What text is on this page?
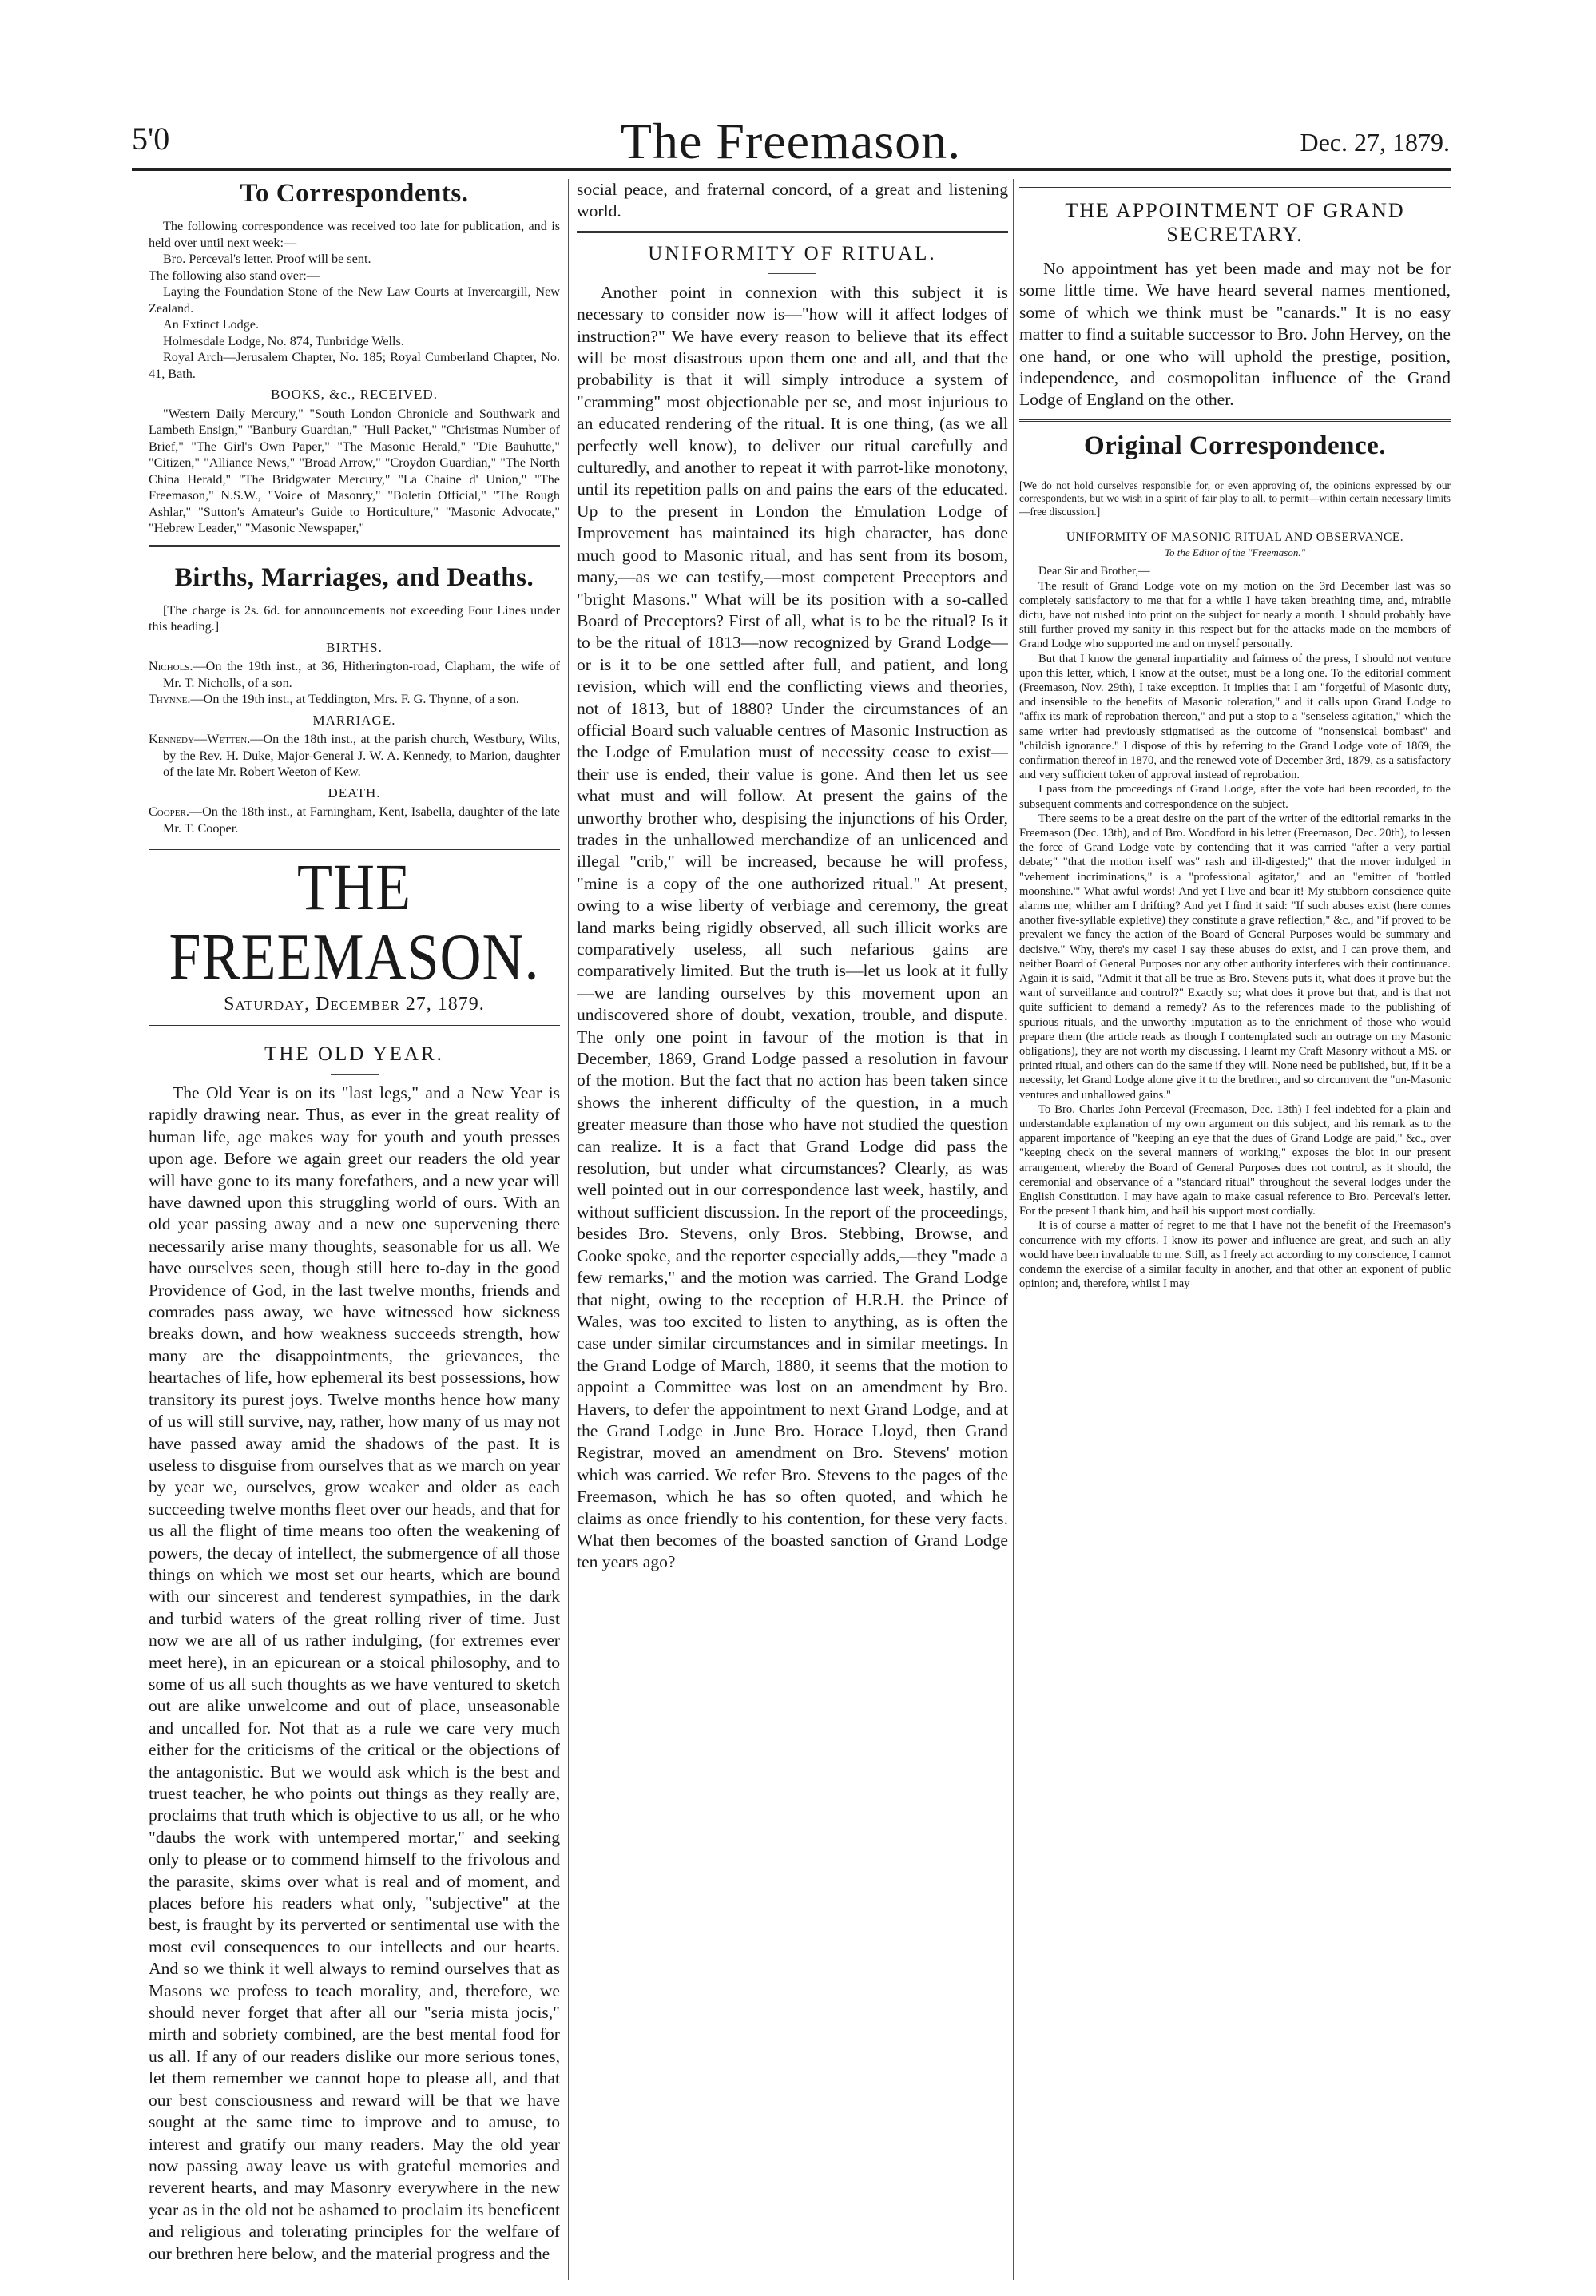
5'0	The Freemason.	Dec. 27, 1879.
To Correspondents.

The following correspondence was received too late for publication, and is held over until next week:—

Bro. Perceval's letter. Proof will be sent.

The following also stand over:—

Laying the Foundation Stone of the New Law Courts at Invercargill, New Zealand.

An Extinct Lodge.

Holmesdale Lodge, No. 874, Tunbridge Wells.

Royal Arch—Jerusalem Chapter, No. 185; Royal Cumberland Chapter, No. 41, Bath.

BOOKS, &c., RECEIVED.

"Western Daily Mercury," "South London Chronicle and Southwark and Lambeth Ensign," "Banbury Guardian," "Hull Packet," "Christmas Number of Brief," "The Girl's Own Paper," "The Masonic Herald," "Die Bauhutte," "Citizen," "Alliance News," "Broad Arrow," "Croydon Guardian," "The North China Herald," "The Bridgwater Mercury," "La Chaine d' Union," "The Freemason," N.S.W., "Voice of Masonry," "Boletin Official," "The Rough Ashlar," "Sutton's Amateur's Guide to Horticulture," "Masonic Advocate," "Hebrew Leader," "Masonic Newspaper,"

Births, Marriages, and Deaths.

[The charge is 2s. 6d. for announcements not exceeding Four Lines under this heading.]

BIRTHS.

Nichols.—On the 19th inst., at 36, Hitherington-road, Clapham, the wife of Mr. T. Nicholls, of a son.

Thynne.—On the 19th inst., at Teddington, Mrs. F. G. Thynne, of a son.

MARRIAGE.

Kennedy—Wetten.—On the 18th inst., at the parish church, Westbury, Wilts, by the Rev. H. Duke, Major-General J. W. A. Kennedy, to Marion, daughter of the late Mr. Robert Weeton of Kew.

DEATH.

Cooper.—On the 18th inst., at Farningham, Kent, Isabella, daughter of the late Mr. T. Cooper.

THE FREEMASON.
Saturday, December 27, 1879.
THE OLD YEAR.

The Old Year is on its "last legs," and a New Year is rapidly drawing near. Thus, as ever in the great reality of human life, age makes way for youth and youth presses upon age. Before we again greet our readers the old year will have gone to its many forefathers, and a new year will have dawned upon this struggling world of ours. With an old year passing away and a new one supervening there necessarily arise many thoughts, seasonable for us all. We have ourselves seen, though still here to-day in the good Providence of God, in the last twelve months, friends and comrades pass away, we have witnessed how sickness breaks down, and how weakness succeeds strength, how many are the disappointments, the grievances, the heartaches of life, how ephemeral its best possessions, how transitory its purest joys. Twelve months hence how many of us will still survive, nay, rather, how many of us may not have passed away amid the shadows of the past. It is useless to disguise from ourselves that as we march on year by year we, ourselves, grow weaker and older as each succeeding twelve months fleet over our heads, and that for us all the flight of time means too often the weakening of powers, the decay of intellect, the submergence of all those things on which we most set our hearts, which are bound with our sincerest and tenderest sympathies, in the dark and turbid waters of the great rolling river of time. Just now we are all of us rather indulging, (for extremes ever meet here), in an epicurean or a stoical philosophy, and to some of us all such thoughts as we have ventured to sketch out are alike unwelcome and out of place, unseasonable and uncalled for. Not that as a rule we care very much either for the criticisms of the critical or the objections of the antagonistic. But we would ask which is the best and truest teacher, he who points out things as they really are, proclaims that truth which is objective to us all, or he who "daubs the work with untempered mortar," and seeking only to please or to commend himself to the frivolous and the parasite, skims over what is real and of moment, and places before his readers what only, "subjective" at the best, is fraught by its perverted or sentimental use with the most evil consequences to our intellects and our hearts. And so we think it well always to remind ourselves that as Masons we profess to teach morality, and, therefore, we should never forget that after all our "seria mista jocis," mirth and sobriety combined, are the best mental food for us all. If any of our readers dislike our more serious tones, let them remember we cannot hope to please all, and that our best consciousness and reward will be that we have sought at the same time to improve and to amuse, to interest and gratify our many readers. May the old year now passing away leave us with grateful memories and reverent hearts, and may Masonry everywhere in the new year as in the old not be ashamed to proclaim its beneficent and religious and tolerating principles for the welfare of our brethren here below, and the material progress and the

social peace, and fraternal concord, of a great and listening world.

UNIFORMITY OF RITUAL.

Another point in connexion with this subject it is necessary to consider now is—"how will it affect lodges of instruction?" We have every reason to believe that its effect will be most disastrous upon them one and all, and that the probability is that it will simply introduce a system of "cramming" most objectionable per se, and most injurious to an educated rendering of the ritual. It is one thing, (as we all perfectly well know), to deliver our ritual carefully and culturedly, and another to repeat it with parrot-like monotony, until its repetition palls on and pains the ears of the educated. Up to the present in London the Emulation Lodge of Improvement has maintained its high character, has done much good to Masonic ritual, and has sent from its bosom, many,—as we can testify,—most competent Preceptors and "bright Masons." What will be its position with a so-called Board of Preceptors? First of all, what is to be the ritual? Is it to be the ritual of 1813—now recognized by Grand Lodge—or is it to be one settled after full, and patient, and long revision, which will end the conflicting views and theories, not of 1813, but of 1880? Under the circumstances of an official Board such valuable centres of Masonic Instruction as the Lodge of Emulation must of necessity cease to exist—their use is ended, their value is gone. And then let us see what must and will follow. At present the gains of the unworthy brother who, despising the injunctions of his Order, trades in the unhallowed merchandize of an unlicenced and illegal "crib," will be increased, because he will profess, "mine is a copy of the one authorized ritual." At present, owing to a wise liberty of verbiage and ceremony, the great land marks being rigidly observed, all such illicit works are comparatively useless, all such nefarious gains are comparatively limited. But the truth is—let us look at it fully—we are landing ourselves by this movement upon an undiscovered shore of doubt, vexation, trouble, and dispute. The only one point in favour of the motion is that in December, 1869, Grand Lodge passed a resolution in favour of the motion. But the fact that no action has been taken since shows the inherent difficulty of the question, in a much greater measure than those who have not studied the question can realize. It is a fact that Grand Lodge did pass the resolution, but under what circumstances? Clearly, as was well pointed out in our correspondence last week, hastily, and without sufficient discussion. In the report of the proceedings, besides Bro. Stevens, only Bros. Stebbing, Browse, and Cooke spoke, and the reporter especially adds,—they "made a few remarks," and the motion was carried. The Grand Lodge that night, owing to the reception of H.R.H. the Prince of Wales, was too excited to listen to anything, as is often the case under similar circumstances and in similar meetings. In the Grand Lodge of March, 1880, it seems that the motion to appoint a Committee was lost on an amendment by Bro. Havers, to defer the appointment to next Grand Lodge, and at the Grand Lodge in June Bro. Horace Lloyd, then Grand Registrar, moved an amendment on Bro. Stevens' motion which was carried. We refer Bro. Stevens to the pages of the Freemason, which he has so often quoted, and which he claims as once friendly to his contention, for these very facts. What then becomes of the boasted sanction of Grand Lodge ten years ago?

THE APPOINTMENT OF GRAND SECRETARY.

No appointment has yet been made and may not be for some little time. We have heard several names mentioned, some of which we think must be "canards." It is no easy matter to find a suitable successor to Bro. John Hervey, on the one hand, or one who will uphold the prestige, position, independence, and cosmopolitan influence of the Grand Lodge of England on the other.

Original Correspondence.
[We do not hold ourselves responsible for, or even approving of, the opinions expressed by our correspondents, but we wish in a spirit of fair play to all, to permit—within certain necessary limits—free discussion.]
UNIFORMITY OF MASONIC RITUAL AND OBSERVANCE.
To the Editor of the "Freemason."

Dear Sir and Brother,—

The result of Grand Lodge vote on my motion on the 3rd December last was so completely satisfactory to me that for a while I have taken breathing time, and, mirabile dictu, have not rushed into print on the subject for nearly a month. I should probably have still further proved my sanity in this respect but for the attacks made on the members of Grand Lodge who supported me and on myself personally.

But that I know the general impartiality and fairness of the press, I should not venture upon this letter, which, I know at the outset, must be a long one. To the editorial comment (Freemason, Nov. 29th), I take exception. It implies that I am "forgetful of Masonic duty, and insensible to the benefits of Masonic toleration," and it calls upon Grand Lodge to "affix its mark of reprobation thereon," and put a stop to a "senseless agitation," which the same writer had previously stigmatised as the outcome of "nonsensical bombast" and "childish ignorance." I dispose of this by referring to the Grand Lodge vote of 1869, the confirmation thereof in 1870, and the renewed vote of December 3rd, 1879, as a satisfactory and very sufficient token of approval instead of reprobation.

I pass from the proceedings of Grand Lodge, after the vote had been recorded, to the subsequent comments and correspondence on the subject.

There seems to be a great desire on the part of the writer of the editorial remarks in the Freemason (Dec. 13th), and of Bro. Woodford in his letter (Freemason, Dec. 20th), to lessen the force of Grand Lodge vote by contending that it was carried "after a very partial debate;" "that the motion itself was" rash and ill-digested;" that the mover indulged in "vehement incriminations," is a "professional agitator," and an "emitter of 'bottled moonshine.'" What awful words! And yet I live and bear it! My stubborn conscience quite alarms me; whither am I drifting? And yet I find it said: "If such abuses exist (here comes another five-syllable expletive) they constitute a grave reflection," &c., and "if proved to be prevalent we fancy the action of the Board of General Purposes would be summary and decisive." Why, there's my case! I say these abuses do exist, and I can prove them, and neither Board of General Purposes nor any other authority interferes with their continuance. Again it is said, "Admit it that all be true as Bro. Stevens puts it, what does it prove but the want of surveillance and control?" Exactly so; what does it prove but that, and is that not quite sufficient to demand a remedy? As to the references made to the publishing of spurious rituals, and the unworthy imputation as to the enrichment of those who would prepare them (the article reads as though I contemplated such an outrage on my Masonic obligations), they are not worth my discussing. I learnt my Craft Masonry without a MS. or printed ritual, and others can do the same if they will. None need be published, but, if it be a necessity, let Grand Lodge alone give it to the brethren, and so circumvent the "un-Masonic ventures and unhallowed gains."

To Bro. Charles John Perceval (Freemason, Dec. 13th) I feel indebted for a plain and understandable explanation of my own argument on this subject, and his remark as to the apparent importance of "keeping an eye that the dues of Grand Lodge are paid," &c., over "keeping check on the several manners of working," exposes the blot in our present arrangement, whereby the Board of General Purposes does not control, as it should, the ceremonial and observance of a "standard ritual" throughout the several lodges under the English Constitution. I may have again to make casual reference to Bro. Perceval's letter. For the present I thank him, and hail his support most cordially.

It is of course a matter of regret to me that I have not the benefit of the Freemason's concurrence with my efforts. I know its power and influence are great, and such an ally would have been invaluable to me. Still, as I freely act according to my conscience, I cannot condemn the exercise of a similar faculty in another, and that other an exponent of public opinion; and, therefore, whilst I may
